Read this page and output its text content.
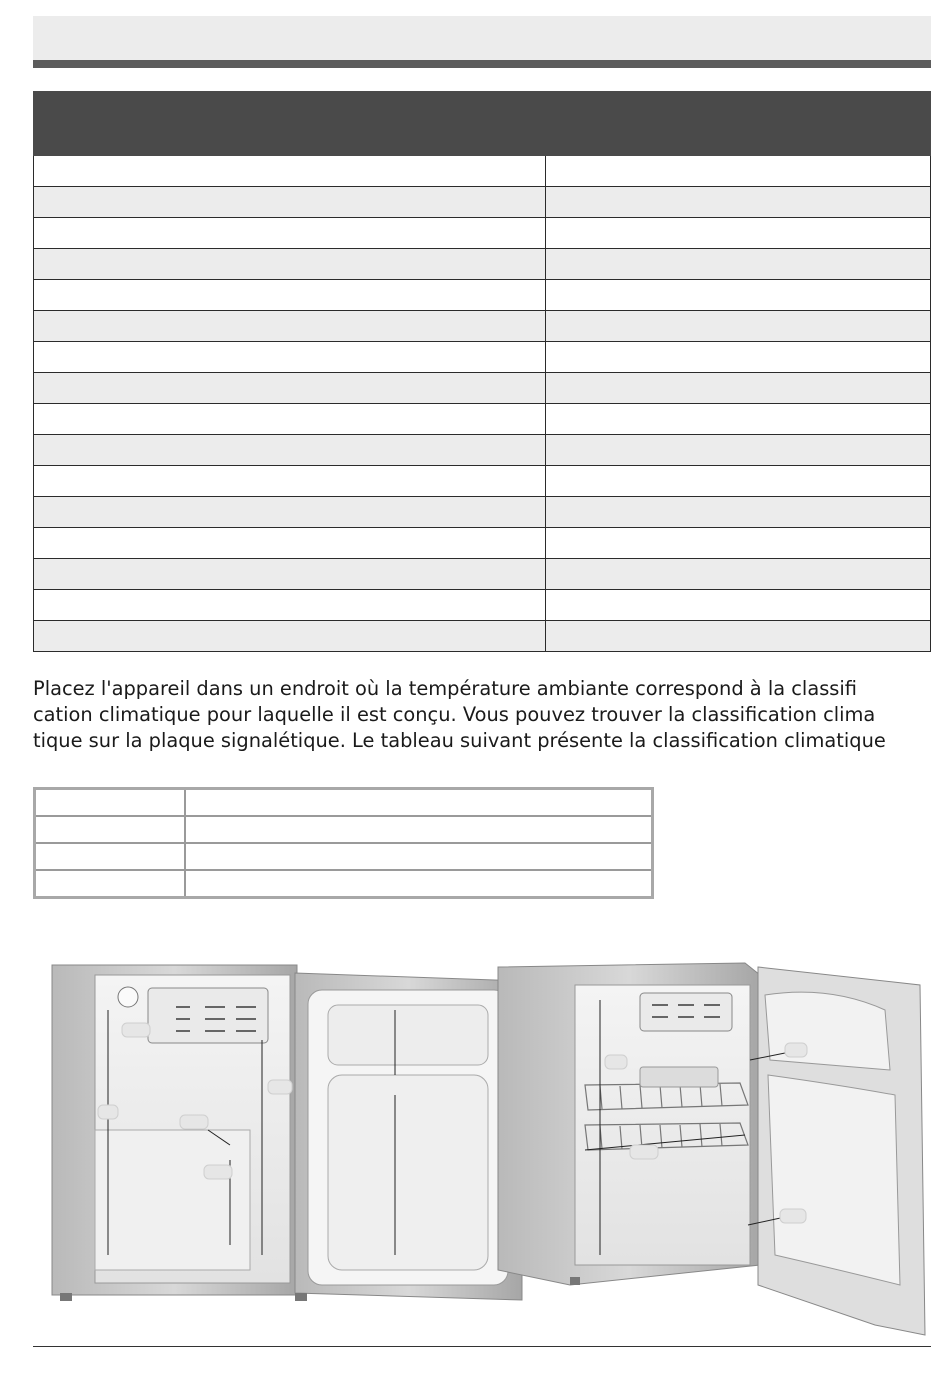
Placez l'appareil dans un endroit où la température ambiante correspond à la classifi
cation climatique pour laquelle il est conçu. Vous pouvez trouver la classification clima
tique sur la plaque signalétique. Le tableau suivant présente la classification climatique
